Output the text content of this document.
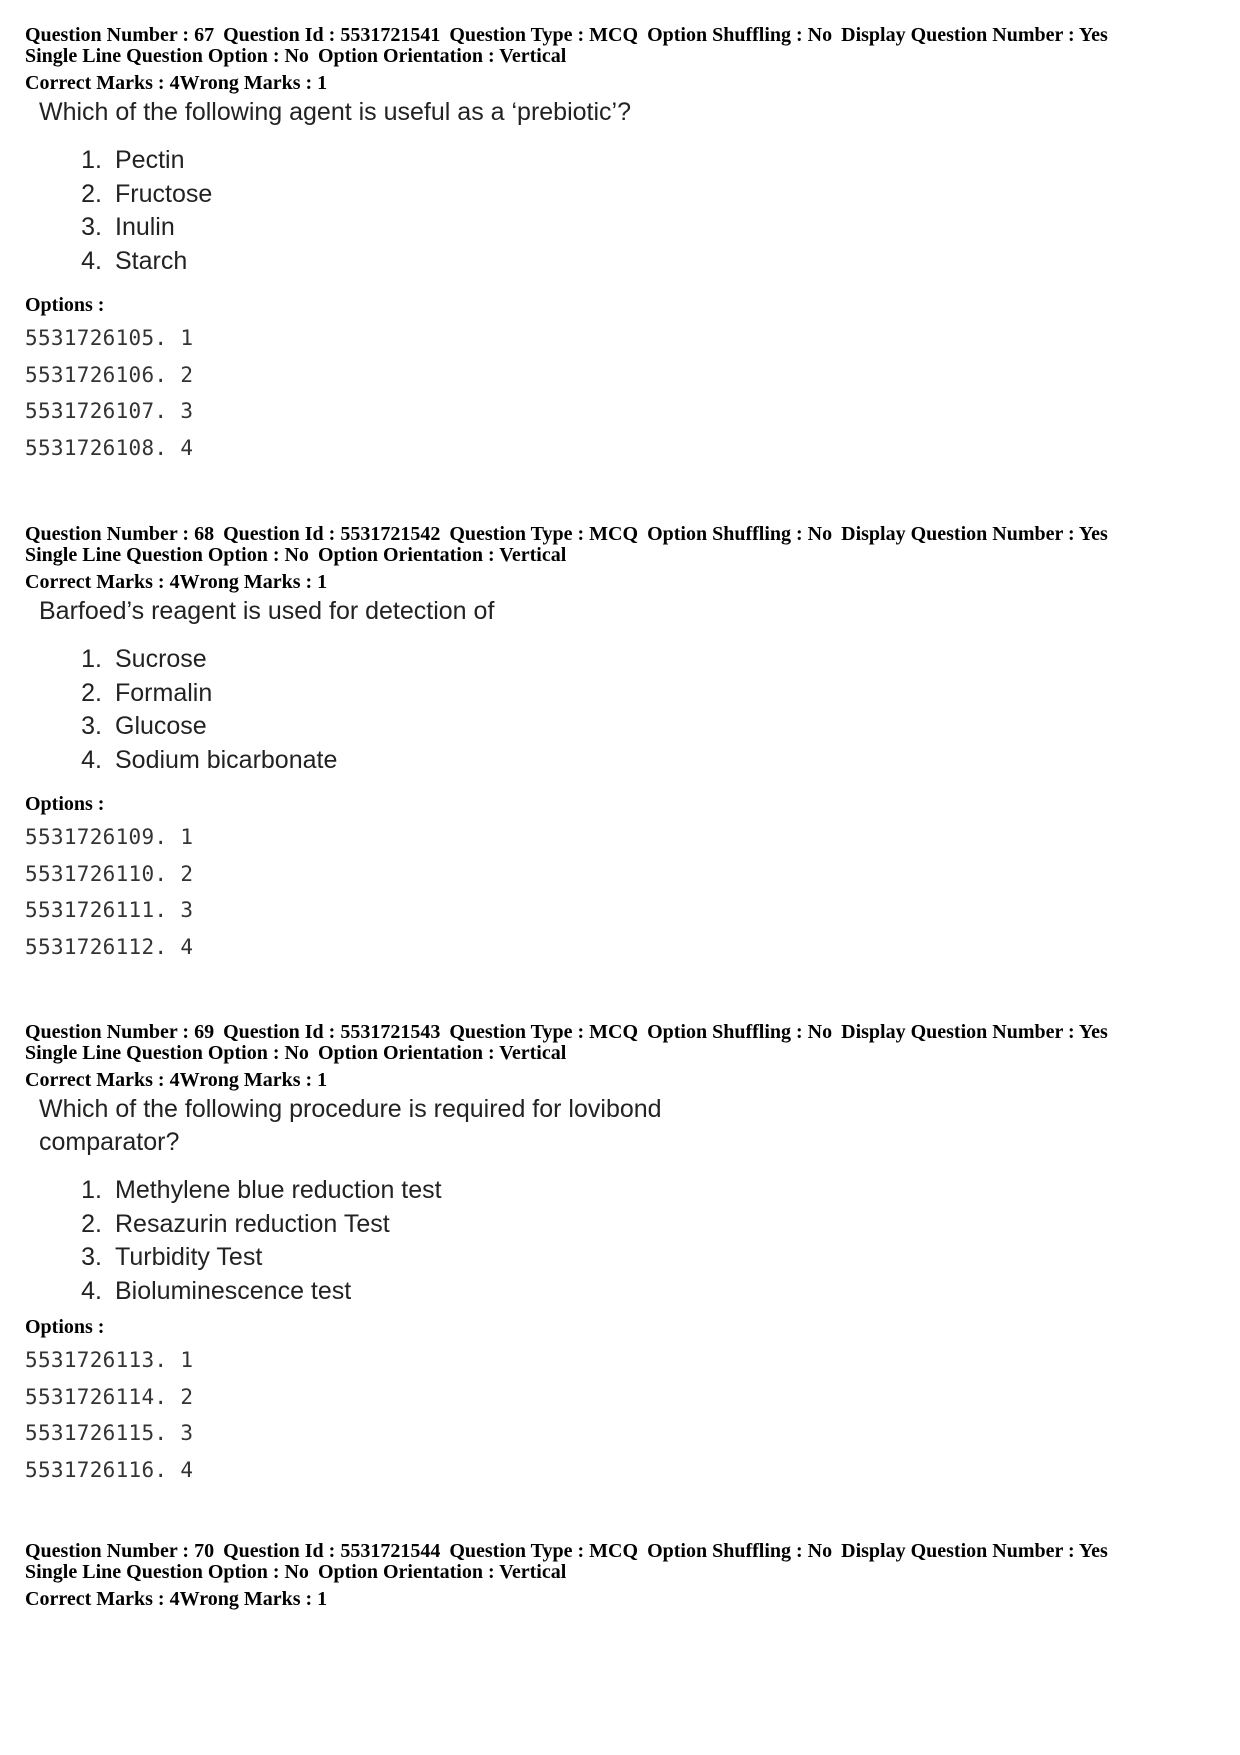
Question Number : 67 Question Id : 5531721541 Question Type : MCQ Option Shuffling : No Display Question Number : Yes
Single Line Question Option : No Option Orientation : Vertical
Correct Marks : 4Wrong Marks : 1
Which of the following agent is useful as a ‘prebiotic’?
1. Pectin
2. Fructose
3. Inulin
4. Starch
Options :
5531726105. 1
5531726106. 2
5531726107. 3
5531726108. 4
Question Number : 68 Question Id : 5531721542 Question Type : MCQ Option Shuffling : No Display Question Number : Yes
Single Line Question Option : No Option Orientation : Vertical
Correct Marks : 4Wrong Marks : 1
Barfoed’s reagent is used for detection of
1. Sucrose
2. Formalin
3. Glucose
4. Sodium bicarbonate
Options :
5531726109. 1
5531726110. 2
5531726111. 3
5531726112. 4
Question Number : 69 Question Id : 5531721543 Question Type : MCQ Option Shuffling : No Display Question Number : Yes
Single Line Question Option : No Option Orientation : Vertical
Correct Marks : 4Wrong Marks : 1
Which of the following procedure is required for lovibond comparator?
1. Methylene blue reduction test
2. Resazurin reduction Test
3. Turbidity Test
4. Bioluminescence test
Options :
5531726113. 1
5531726114. 2
5531726115. 3
5531726116. 4
Question Number : 70 Question Id : 5531721544 Question Type : MCQ Option Shuffling : No Display Question Number : Yes
Single Line Question Option : No Option Orientation : Vertical
Correct Marks : 4Wrong Marks : 1
